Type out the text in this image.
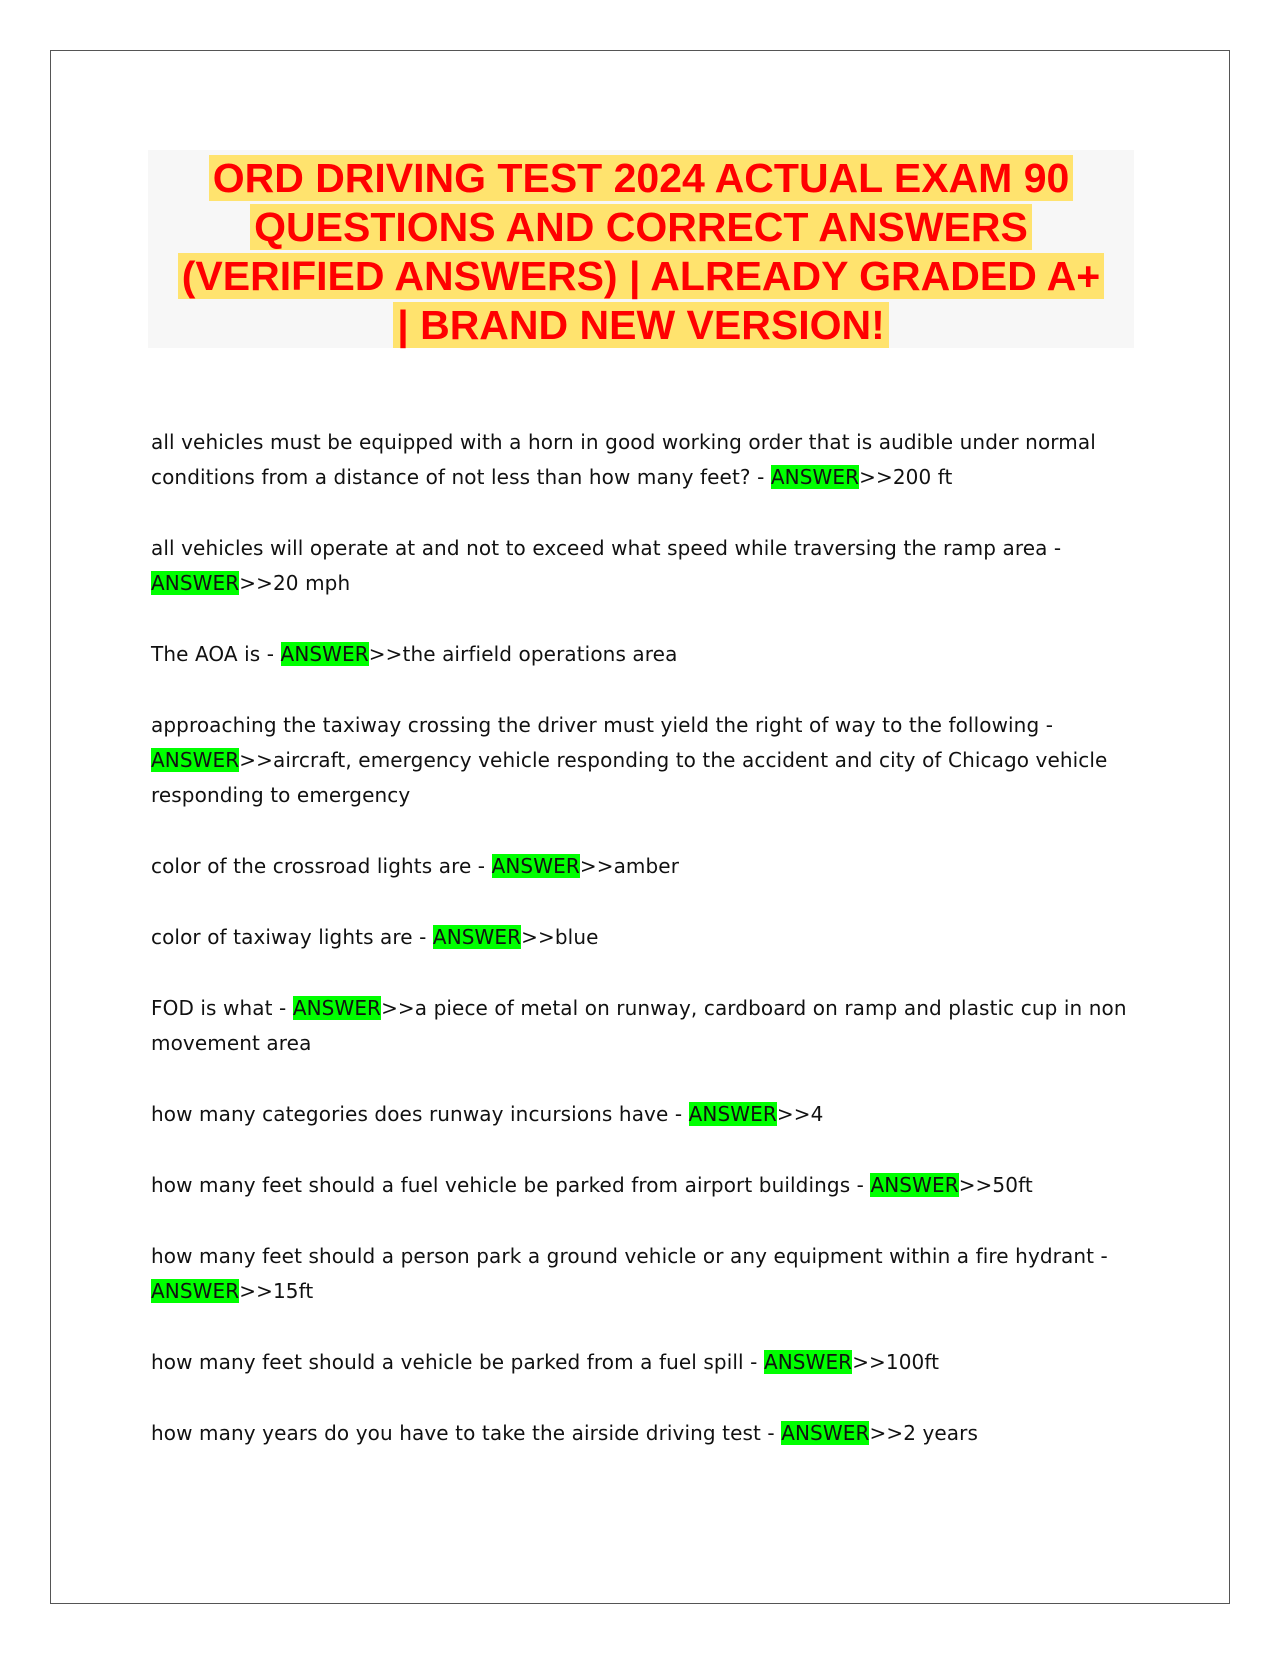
ORD DRIVING TEST 2024 ACTUAL EXAM 90
QUESTIONS AND CORRECT ANSWERS
(VERIFIED ANSWERS) | ALREADY GRADED A+
| BRAND NEW VERSION!

all vehicles must be equipped with a horn in good working order that is audible under normal conditions from a distance of not less than how many feet? - ANSWER>>200 ft

all vehicles will operate at and not to exceed what speed while traversing the ramp area - ANSWER>>20 mph

The AOA is - ANSWER>>the airfield operations area

approaching the taxiway crossing the driver must yield the right of way to the following - ANSWER>>aircraft, emergency vehicle responding to the accident and city of Chicago vehicle responding to emergency

color of the crossroad lights are - ANSWER>>amber

color of taxiway lights are - ANSWER>>blue

FOD is what - ANSWER>>a piece of metal on runway, cardboard on ramp and plastic cup in non movement area

how many categories does runway incursions have - ANSWER>>4

how many feet should a fuel vehicle be parked from airport buildings - ANSWER>>50ft

how many feet should a person park a ground vehicle or any equipment within a fire hydrant - ANSWER>>15ft

how many feet should a vehicle be parked from a fuel spill - ANSWER>>100ft

how many years do you have to take the airside driving test - ANSWER>>2 years
